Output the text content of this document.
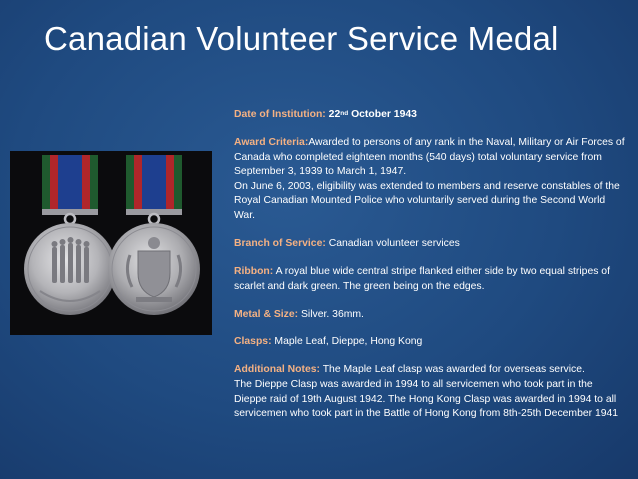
Canadian Volunteer Service Medal
Date of Institution: 22nd October 1943
Award Criteria:Awarded to persons of any rank in the Naval, Military or Air Forces of Canada who completed eighteen months (540 days) total voluntary service from September 3, 1939 to March 1, 1947.
On June 6, 2003, eligibility was extended to members and reserve constables of the Royal Canadian Mounted Police who voluntarily served during the Second World War.
Branch of Service: Canadian volunteer services
Ribbon: A royal blue wide central stripe flanked either side by two equal stripes of scarlet and dark green. The green being on the edges.
Metal & Size: Silver. 36mm.
Clasps: Maple Leaf, Dieppe, Hong Kong
Additional Notes: The Maple Leaf clasp was awarded for overseas service.
The Dieppe Clasp was awarded in 1994 to all servicemen who took part in the Dieppe raid of 19th August 1942. The Hong Kong Clasp was awarded in 1994 to all servicemen who took part in the Battle of Hong Kong from 8th-25th December 1941
